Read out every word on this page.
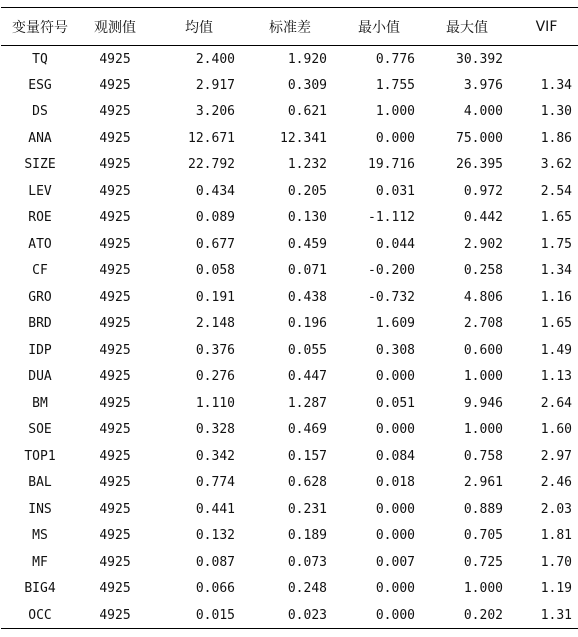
变量符号	观测值	均值	标准差	最小值	最大值	VIF
TQ	4925	2.400	1.920	0.776	30.392	
ESG	4925	2.917	0.309	1.755	3.976	1.34
DS	4925	3.206	0.621	1.000	4.000	1.30
ANA	4925	12.671	12.341	0.000	75.000	1.86
SIZE	4925	22.792	1.232	19.716	26.395	3.62
LEV	4925	0.434	0.205	0.031	0.972	2.54
ROE	4925	0.089	0.130	-1.112	0.442	1.65
ATO	4925	0.677	0.459	0.044	2.902	1.75
CF	4925	0.058	0.071	-0.200	0.258	1.34
GRO	4925	0.191	0.438	-0.732	4.806	1.16
BRD	4925	2.148	0.196	1.609	2.708	1.65
IDP	4925	0.376	0.055	0.308	0.600	1.49
DUA	4925	0.276	0.447	0.000	1.000	1.13
BM	4925	1.110	1.287	0.051	9.946	2.64
SOE	4925	0.328	0.469	0.000	1.000	1.60
TOP1	4925	0.342	0.157	0.084	0.758	2.97
BAL	4925	0.774	0.628	0.018	2.961	2.46
INS	4925	0.441	0.231	0.000	0.889	2.03
MS	4925	0.132	0.189	0.000	0.705	1.81
MF	4925	0.087	0.073	0.007	0.725	1.70
BIG4	4925	0.066	0.248	0.000	1.000	1.19
OCC	4925	0.015	0.023	0.000	0.202	1.31
